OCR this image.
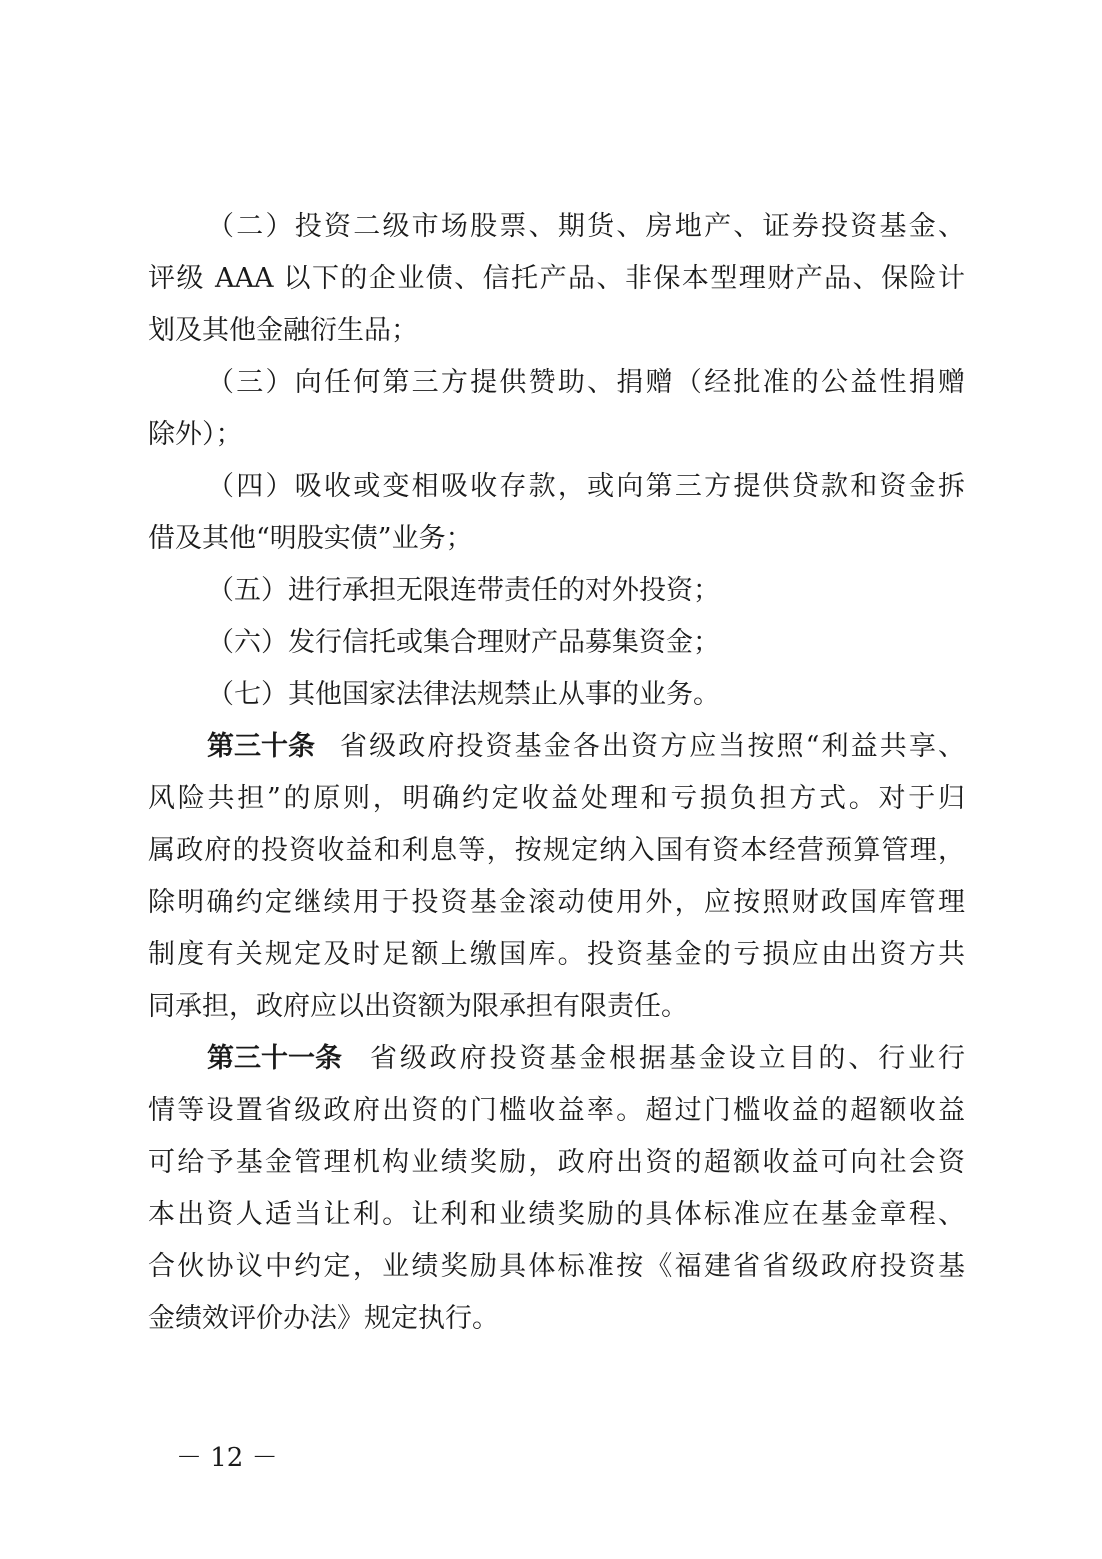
（二）投资二级市场股票、期货、房地产、证券投资基金、
评级 AAA 以下的企业债、信托产品、非保本型理财产品、保险计
划及其他金融衍生品；
（三）向任何第三方提供赞助、捐赠（经批准的公益性捐赠
除外）；
（四）吸收或变相吸收存款，或向第三方提供贷款和资金拆
借及其他“明股实债”业务；
（五）进行承担无限连带责任的对外投资；
（六）发行信托或集合理财产品募集资金；
（七）其他国家法律法规禁止从事的业务。
第三十条 省级政府投资基金各出资方应当按照“利益共享、
风险共担”的原则，明确约定收益处理和亏损负担方式。对于归
属政府的投资收益和利息等，按规定纳入国有资本经营预算管理，
除明确约定继续用于投资基金滚动使用外，应按照财政国库管理
制度有关规定及时足额上缴国库。投资基金的亏损应由出资方共
同承担，政府应以出资额为限承担有限责任。
第三十一条 省级政府投资基金根据基金设立目的、行业行
情等设置省级政府出资的门槛收益率。超过门槛收益的超额收益
可给予基金管理机构业绩奖励，政府出资的超额收益可向社会资
本出资人适当让利。让利和业绩奖励的具体标准应在基金章程、
合伙协议中约定，业绩奖励具体标准按《福建省省级政府投资基
金绩效评价办法》规定执行。
－ 12 －
